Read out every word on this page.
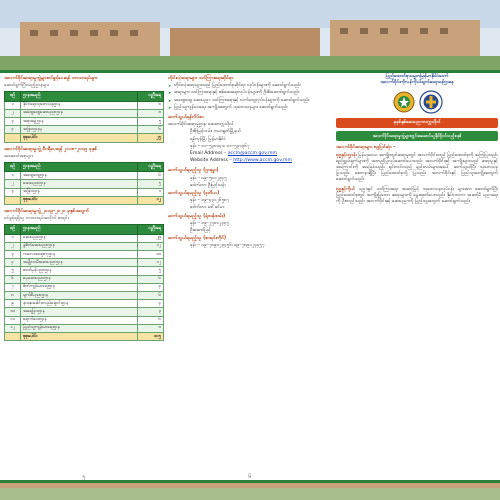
အလက်ဝိုင်းဆရာမှုဘွဲ့များဝင်ခွင့်ပေးရန် ဘာသာရပ်များ
ဆောင်ရွက်ပြီးသည့်ဌာနများ
စဉ်	ဌာနအမည်	လူဦးရေ
၁	နိုင်ငံရေးသုတေသနဌာန	၆
၂	အထွေထွေဆေးပညာဌာန	၈
၃	အစုအဖွဲ့ဌာန	၅
၄	အခြားဌာနမှ	၆
	စုစုပေါင်း	၂၅
အလက်ဝိုင်းဆရာမှုဘွဲ့ ဒီဂရီပေးရန် ၂၀၁၈–၂၀၁၉ ခုနှစ်
အဆောင်အစုများ
စဉ်	ဌာနအမည်	လူဦးရေ
၁	အထွေထွေဌာန	၆
၂	ဆေးပညာဌာန	၅
၃	အခြားဌာန	၁
	စုစုပေါင်း	၁၂
အလက်ဝိုင်းဆရာမှုဘွဲ့ ၂၀၁၉–၂၀၂၀ ခုနှစ်အတွက်
ဝင်ခွင့်ရရှိသူ ဘာသာရပ်အလိုက် စာရင်း
စဉ်	ဌာနအမည်	လူဦးရေ
၁	ဆေးပညာဌာန	၂၉
၂	ခွဲစိတ်ဆေးပညာဌာန	၁၂
၃	ကလေးအထူးကုဌာန	၁၀
၄	အမျိုးသမီးဆေးပညာဌာန	၁၂
၅	ဓာတ်မှန်ပညာဌာန	၅
၆	မေ့ဆေးပညာဌာန	၆
၇	စိတ်ကျန်းမာရေးဌာန	၄
၈	မျက်စိပညာဌာန	၆
၉	နား၊နှာခေါင်း၊လည်ချောင်းဌာန	၄
၁၀	အရေပြားဌာန	၃
၁၁	ရောဂါဗေဒဌာန	၆
၁၂	ပြည်သူ့ကျန်းမာရေးဌာန	၈
	စုစုပေါင်း	၁၀၅
၅
တိုင်းလဲ့ဆရာများ သင်ကြားရေးဆိုင်ရာ
➤ တိုင်းလဲ့ဆရာများသည် ပြည်ထောင်စုဆိုင်ရာ လုပ်ငန်းများကို ဆောင်ရွက်သည်။
➤ ဆရာများ သင်ကြားရေးနှင့် စစ်ဆေးရေးလုပ်ငန်းများကို ဦးစီးဆောင်ရွက်သည်။
➤ အထွေထွေ ဆေးပညာ သင်ကြားရေးနှင့် လက်တွေ့လုပ်ငန်းများကို ဆောင်ရွက်သည်။
➤ ပြည်သူ့ကျန်းမာရေး အကျိုးအတွက် သုတေသနများ ဆောင်ရွက်သည်။
ဆက်သွယ်ရန်လိပ်စာ
အလက်ဝိုင်းဆရာမှုဌာန၊ ဆေးတက္ကသိုလ်
ဦးစိုးမြင့်လမ်း၊ ကမာရွတ်မြို့နယ်
ရန်ကုန်မြို့၊ မြန်မာနိုင်ငံ
ဖုန်း – ၀၁–၅၃၀၁၄၁၊ ၀၁–၅၃၁၃၆၇
Email Address – accm@accm.gov.mm
Website Address – http://www.accm.gov.mm
ဆက်သွယ်ရမည့်သူ (ဌာနမှူး)
ဖုန်း – ၀၉–၅၀၁၂၃၄၅
ဒေါက်တာ ဦးမြင့်သန်း
ဆက်သွယ်ရမည့်သူ (ဒုတိယ)
ဖုန်း – ၀၉–၄၃၁၂၆၅၈၇
ဒေါက်တာ ဒေါ်ခင်မာ
ဆက်သွယ်ရမည့်သူ (ရုံးဝန်ထမ်း)
ဖုန်း – ၀၉–၂၅၀၁၂၃၄၅
ဦးအောင်မြင့်
ဆက်သွယ်ရမည့်သူ (စာရင်းကိုင်)
ဖုန်း – ၀၉–၇၈၉၁၂၃၄၅၆၊ ၀၉–၇၈၉၁၂၃၄၅၇
၆
ပြည်ထောင်စုသမ္မတမြန်မာနိုင်ငံတော်
အလက်ဝိုင်းကိုလန်ကိုယ်ချက်ဆရာဝန်ဌာနေ
ခုနစ်နှစ်ဆေးပညာတက္ကသိုလ်
အလက်ဝိုင်းဆရာမှုဘွဲ့များတွင်အဆောင်ယူနိုင်ဖို့ဝင်သည့်စနစ်
အလက်ဝိုင်းဆရာများ ၈၉ပြင်ဆုံး –
ဗုဒ္ဓနှင့်ပဌာန်း မြန်မာ့ဒေသ အကျိုးတွင်ဆရာမှုတွင် အလက်ဝိုင်းသည် ပြည်ထောင်စုကို အကြံပြုသည်။ ရည်ရွယ်ချက်များကို အတည်ပြုလုပ်ဆောင်ပေးသည်။ အလက်ဝိုင်းနှင့် အကျိုးများသည် ဆရာမှုနှင့်အကြောင်းကို အခြေခံသည်။ ရှင်းလင်းသည့် နည်းလမ်းများအပေါ် ဆက်သွယ်ပြီး သုတေသနပြုသည်။ စေတနာရှိပြီး ပြည်ထောင်စုသို့ ပြုသည်။ အလက်ဝိုင်းနှင့် ပြည်သူအကျိုးအတွက် ဆောင်ရွက်သည်။
ဗုဒ္ဓနှင့်ကိုယ် ပညာရှင် သင်ကြားရေး အဆင့်မြင့် သုတေသနလုပ်ငန်း များအား ဆောင်ရွက်ပြီး ပြည်ထောင်စုတွင် အကျိုးပြုသော ဆရာများကို မွေးထုတ်ပေးသည်။ နိုင်ငံတကာ အဆင့်မီ ပညာရေးကို ဦးတည်သည်။ အလက်ဝိုင်းနှင့် ဆေးပညာကို ပြည်သူ့အတွက် ဆောင်ရွက်သည်။
